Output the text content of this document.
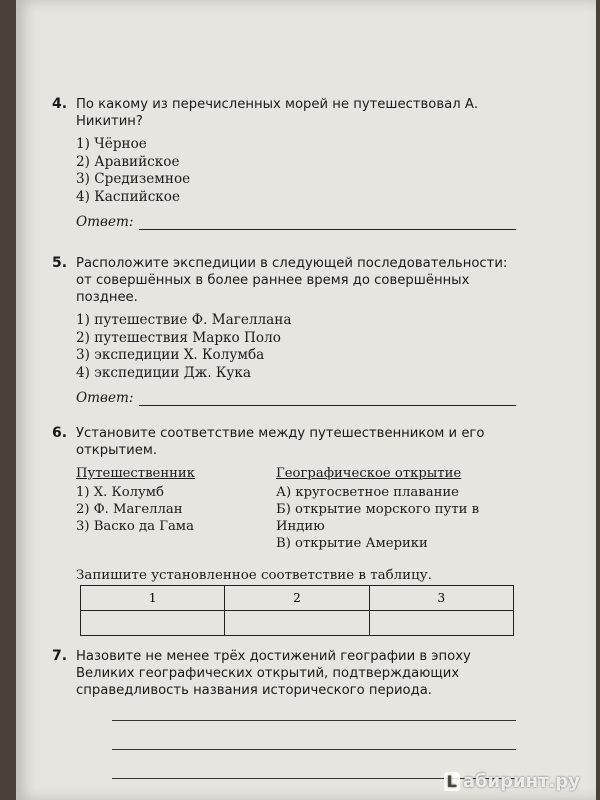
4. По какому из перечисленных морей не путешествовал А. Никитин?
1) Чёрное
2) Аравийское
3) Средиземное
4) Каспийское
Ответ:
5. Расположите экспедиции в следующей последовательности: от совершённых в более раннее время до совершённых позднее.
1) путешествие Ф. Магеллана
2) путешествия Марко Поло
3) экспедиции Х. Колумба
4) экспедиции Дж. Кука
Ответ:
6. Установите соответствие между путешественником и его открытием.
Путешественник
1) Х. Колумб
2) Ф. Магеллан
3) Васко да Гама
Географическое открытие
А) кругосветное плавание
Б) открытие морского пути в Индию
В) открытие Америки
Запишите установленное соответствие в таблицу.
1	2	3

7. Назовите не менее трёх достижений географии в эпоху Великих географических открытий, подтверждающих справедливость названия исторического периода.
L абиринт.ру
